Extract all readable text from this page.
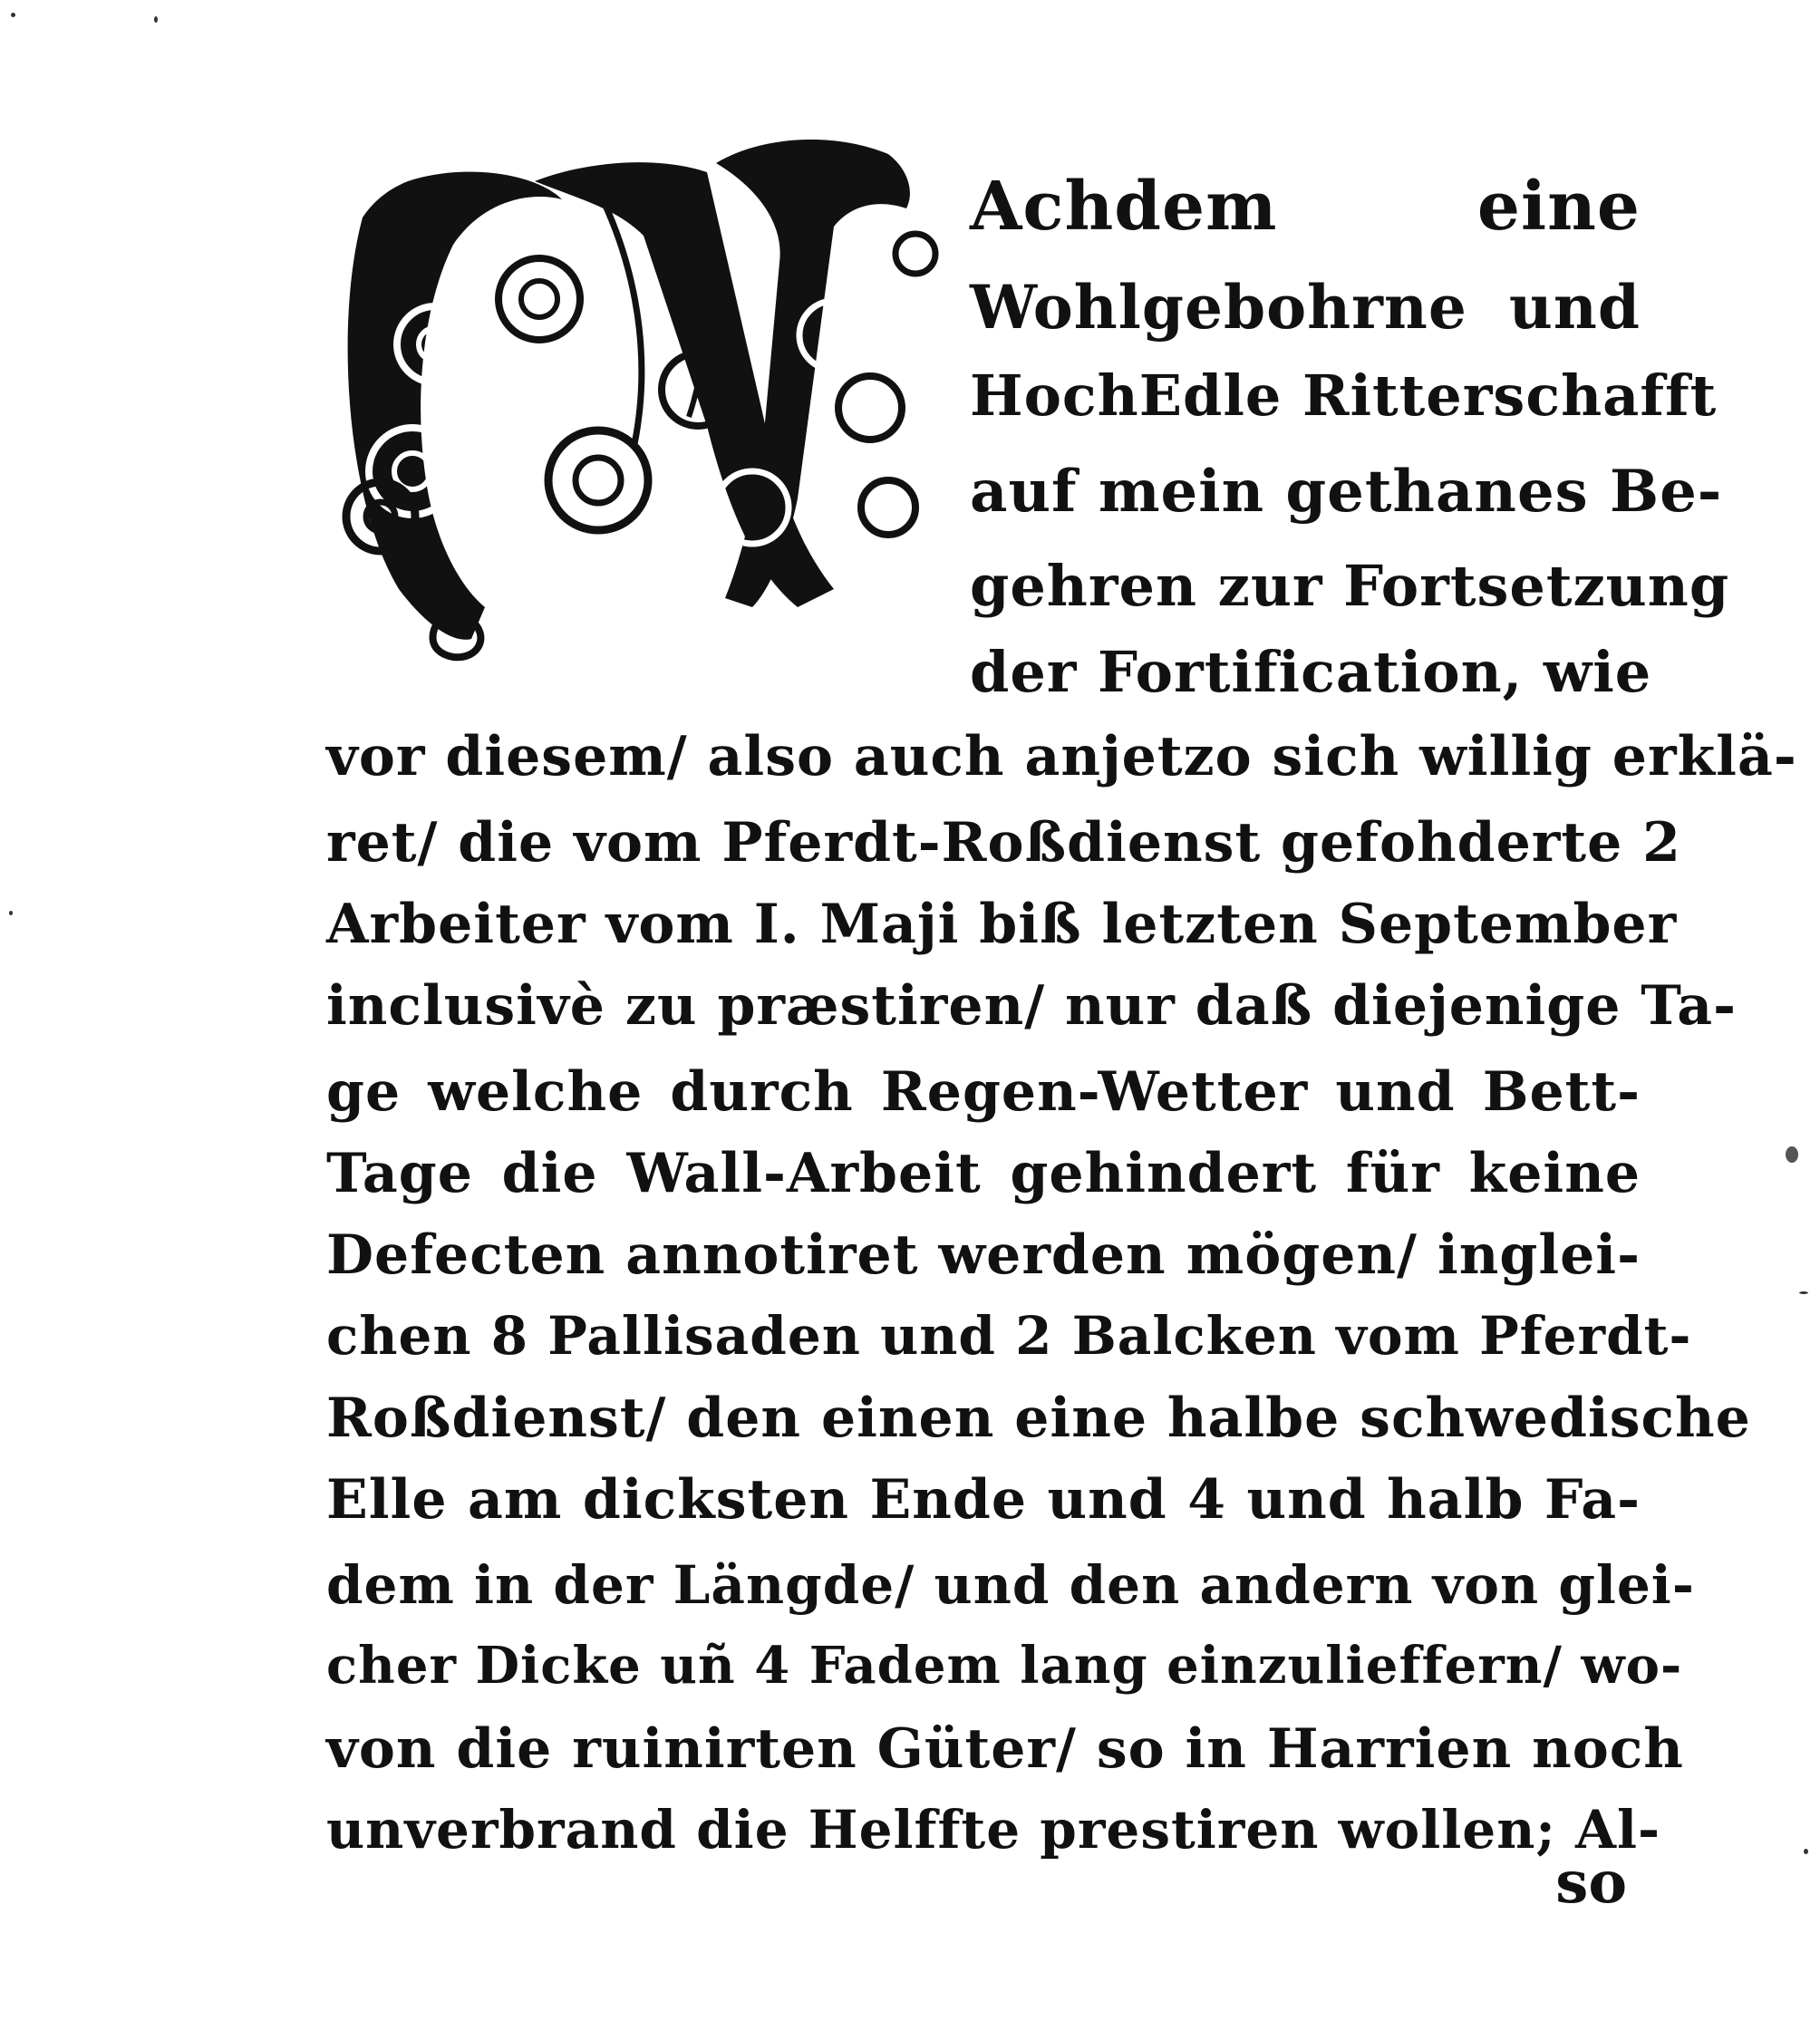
Achdem eine
Wohlgebohrne und
HochEdle Ritterschafft
auf mein gethanes Be-
gehren zur Fortsetzung
der Fortification, wie
vor diesem/ also auch anjetzo sich willig erklä-
ret/ die vom Pferdt-Roßdienst gefohderte 2
Arbeiter vom I. Maji biß letzten September
inclusivè zu præstiren/ nur daß diejenige Ta-
ge welche durch Regen-Wetter und Bett-
Tage die Wall-Arbeit gehindert für keine
Defecten annotiret werden mögen/ inglei-
chen 8 Pallisaden und 2 Balcken vom Pferdt-
Roßdienst/ den einen eine halbe schwedische
Elle am dicksten Ende und 4 und halb Fa-
dem in der Längde/ und den andern von glei-
cher Dicke uñ 4 Fadem lang einzulieffern/ wo-
von die ruinirten Güter/ so in Harrien noch
unverbrand die Helffte prestiren wollen; Al-
so
